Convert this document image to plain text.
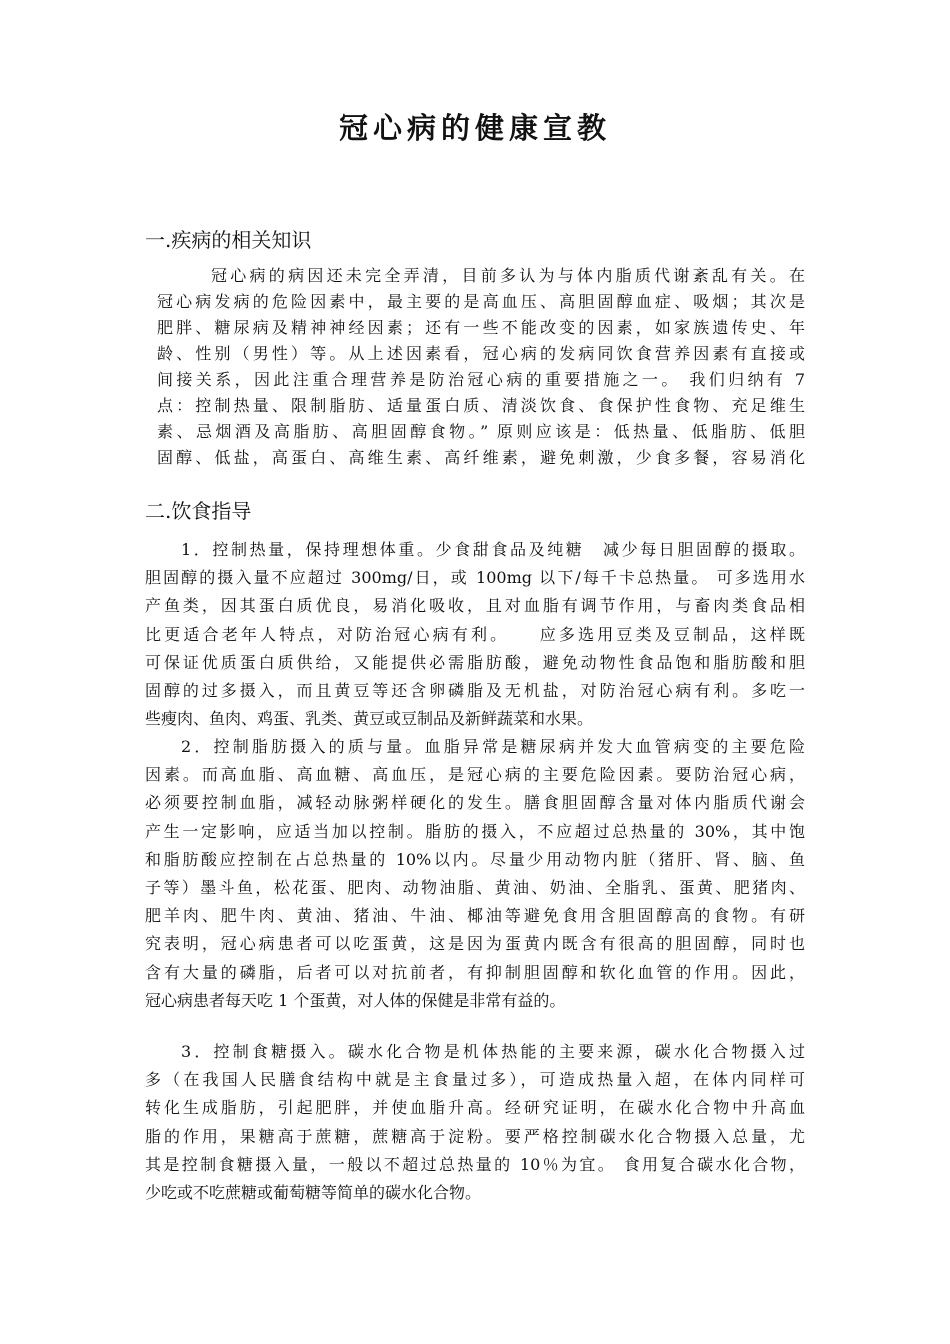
冠心病的健康宣教
一.疾病的相关知识

冠心病的病因还未完全弄清，目前多认为与体内脂质代谢紊乱有关。在
冠心病发病的危险因素中，最主要的是高血压、高胆固醇血症、吸烟；其次是
肥胖、糖尿病及精神神经因素；还有一些不能改变的因素，如家族遗传史、年
龄、性别（男性）等。从上述因素看，冠心病的发病同饮食营养因素有直接或
间接关系，因此注重合理营养是防治冠心病的重要措施之一。 我们归纳有 7
点：控制热量、限制脂肪、适量蛋白质、清淡饮食、食保护性食物、充足维生
素、忌烟酒及高脂肪、高胆固醇食物。” 原则应该是：低热量、低脂肪、低胆
固醇、低盐，高蛋白、高维生素、高纤维素，避免刺激，少食多餐，容易消化

二.饮食指导

1．控制热量，保持理想体重。少食甜食品及纯糖　减少每日胆固醇的摄取。
胆固醇的摄入量不应超过 300mg/日，或 100mg 以下/每千卡总热量。 可多选用水
产鱼类，因其蛋白质优良，易消化吸收，且对血脂有调节作用，与畜肉类食品相
比更适合老年人特点，对防治冠心病有利。　　应多选用豆类及豆制品，这样既
可保证优质蛋白质供给，又能提供必需脂肪酸，避免动物性食品饱和脂肪酸和胆
固醇的过多摄入，而且黄豆等还含卵磷脂及无机盐，对防治冠心病有利。多吃一
些瘦肉、鱼肉、鸡蛋、乳类、黄豆或豆制品及新鲜蔬菜和水果。

2．控制脂肪摄入的质与量。血脂异常是糖尿病并发大血管病变的主要危险
因素。而高血脂、高血糖、高血压，是冠心病的主要危险因素。要防治冠心病，
必须要控制血脂，减轻动脉粥样硬化的发生。膳食胆固醇含量对体内脂质代谢会
产生一定影响，应适当加以控制。脂肪的摄入，不应超过总热量的 30%，其中饱
和脂肪酸应控制在占总热量的 10%以内。尽量少用动物内脏（猪肝、肾、脑、鱼
子等）墨斗鱼，松花蛋、肥肉、动物油脂、黄油、奶油、全脂乳、蛋黄、肥猪肉、
肥羊肉、肥牛肉、黄油、猪油、牛油、椰油等避免食用含胆固醇高的食物。有研
究表明，冠心病患者可以吃蛋黄，这是因为蛋黄内既含有很高的胆固醇，同时也
含有大量的磷脂，后者可以对抗前者，有抑制胆固醇和软化血管的作用。因此，
冠心病患者每天吃 1 个蛋黄，对人体的保健是非常有益的。

3．控制食糖摄入。碳水化合物是机体热能的主要来源，碳水化合物摄入过
多（在我国人民膳食结构中就是主食量过多），可造成热量入超，在体内同样可
转化生成脂肪，引起肥胖，并使血脂升高。经研究证明，在碳水化合物中升高血
脂的作用，果糖高于蔗糖，蔗糖高于淀粉。要严格控制碳水化合物摄入总量，尤
其是控制食糖摄入量，一般以不超过总热量的 10％为宜。 食用复合碳水化合物，
少吃或不吃蔗糖或葡萄糖等简单的碳水化合物。
